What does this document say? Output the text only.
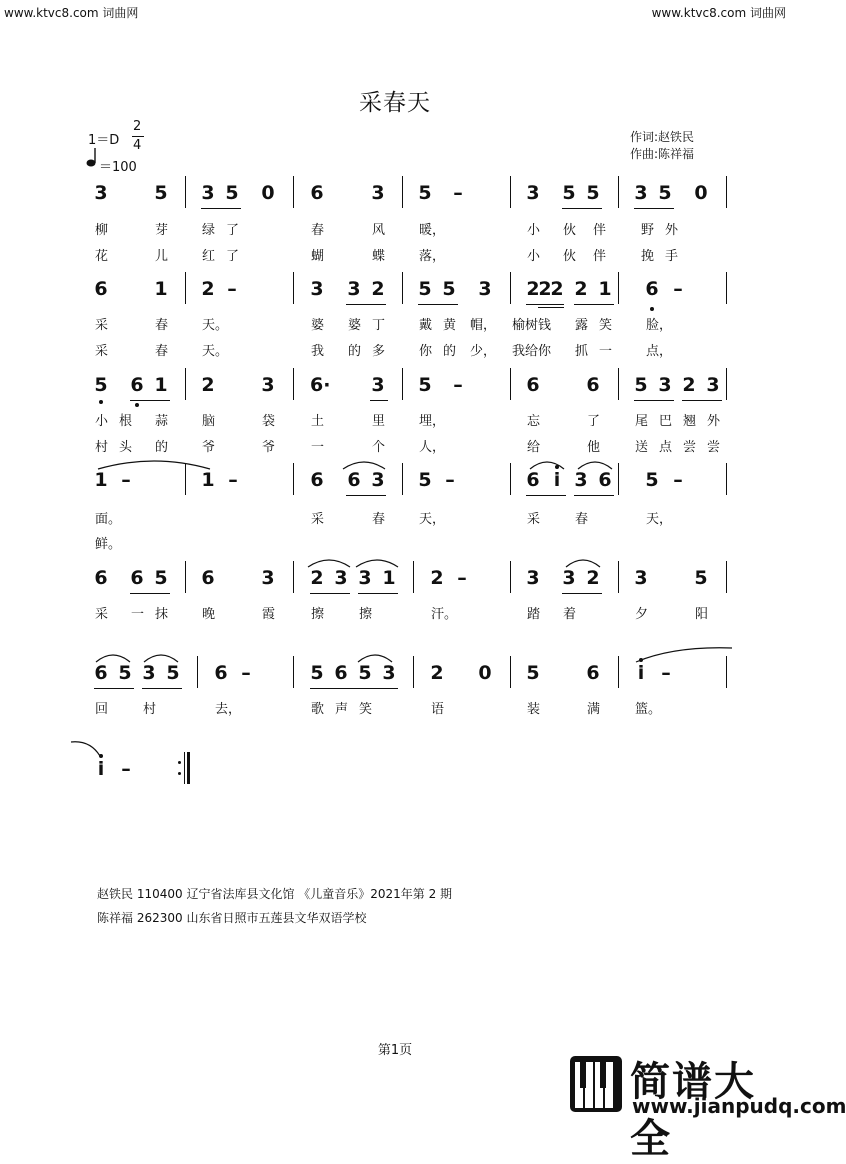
www.ktvc8.com 词曲网	www.ktvc8.com 词曲网
采春天
1＝D
2
4
＝100
作词:赵铁民
作曲:陈祥福
3 5 3 5 0 6	3 5 –	3 5 5 3 5 0
柳	芽	绿 了	春	风	暖，	小 伙 伴	野 外
花	儿	红 了	蝴	蝶	落，	小 伙 伴	挽 手
6 1 2 –	3 3 2 5 5 3 2
2
2 2 1 6 –
采	春	天。	婆 婆 丁	戴 黄 帽， 榆树钱 露 笑	脸，
采	春	天。	我 的 多	你 的 少， 我给你 抓 一	点，
5 6 1 2 3 6· 3 5 –	6 6 5 3 2 3
小 根 蒜	脑	袋	土	里	埋，	忘	了	尾 巴 翘 外
村 头 的	爷	爷	一	个	人，	给	他	送 点 尝 尝
1 –	1 –	6 6 3 5 –	6 i 3 6 5 –
面。	采	春	天，	采	春	天，
鲜。
6 6 5 6 3 2 3 3 1 2 –	3 3 2 3 5
采 一 抹	晚	霞	擦	擦	汗。	踏 着	夕	阳
6 5 3 5 6 –	5 6 5 3 2 0 5 6	i –
回	村	去，	歌 声 笑	语	装	满	篮。
i –
赵铁民 110400 辽宁省法库县文化馆 《儿童音乐》2021年第 2 期
陈祥福 262300 山东省日照市五莲县文华双语学校
第1页
简谱大全
www.jianpudq.com
